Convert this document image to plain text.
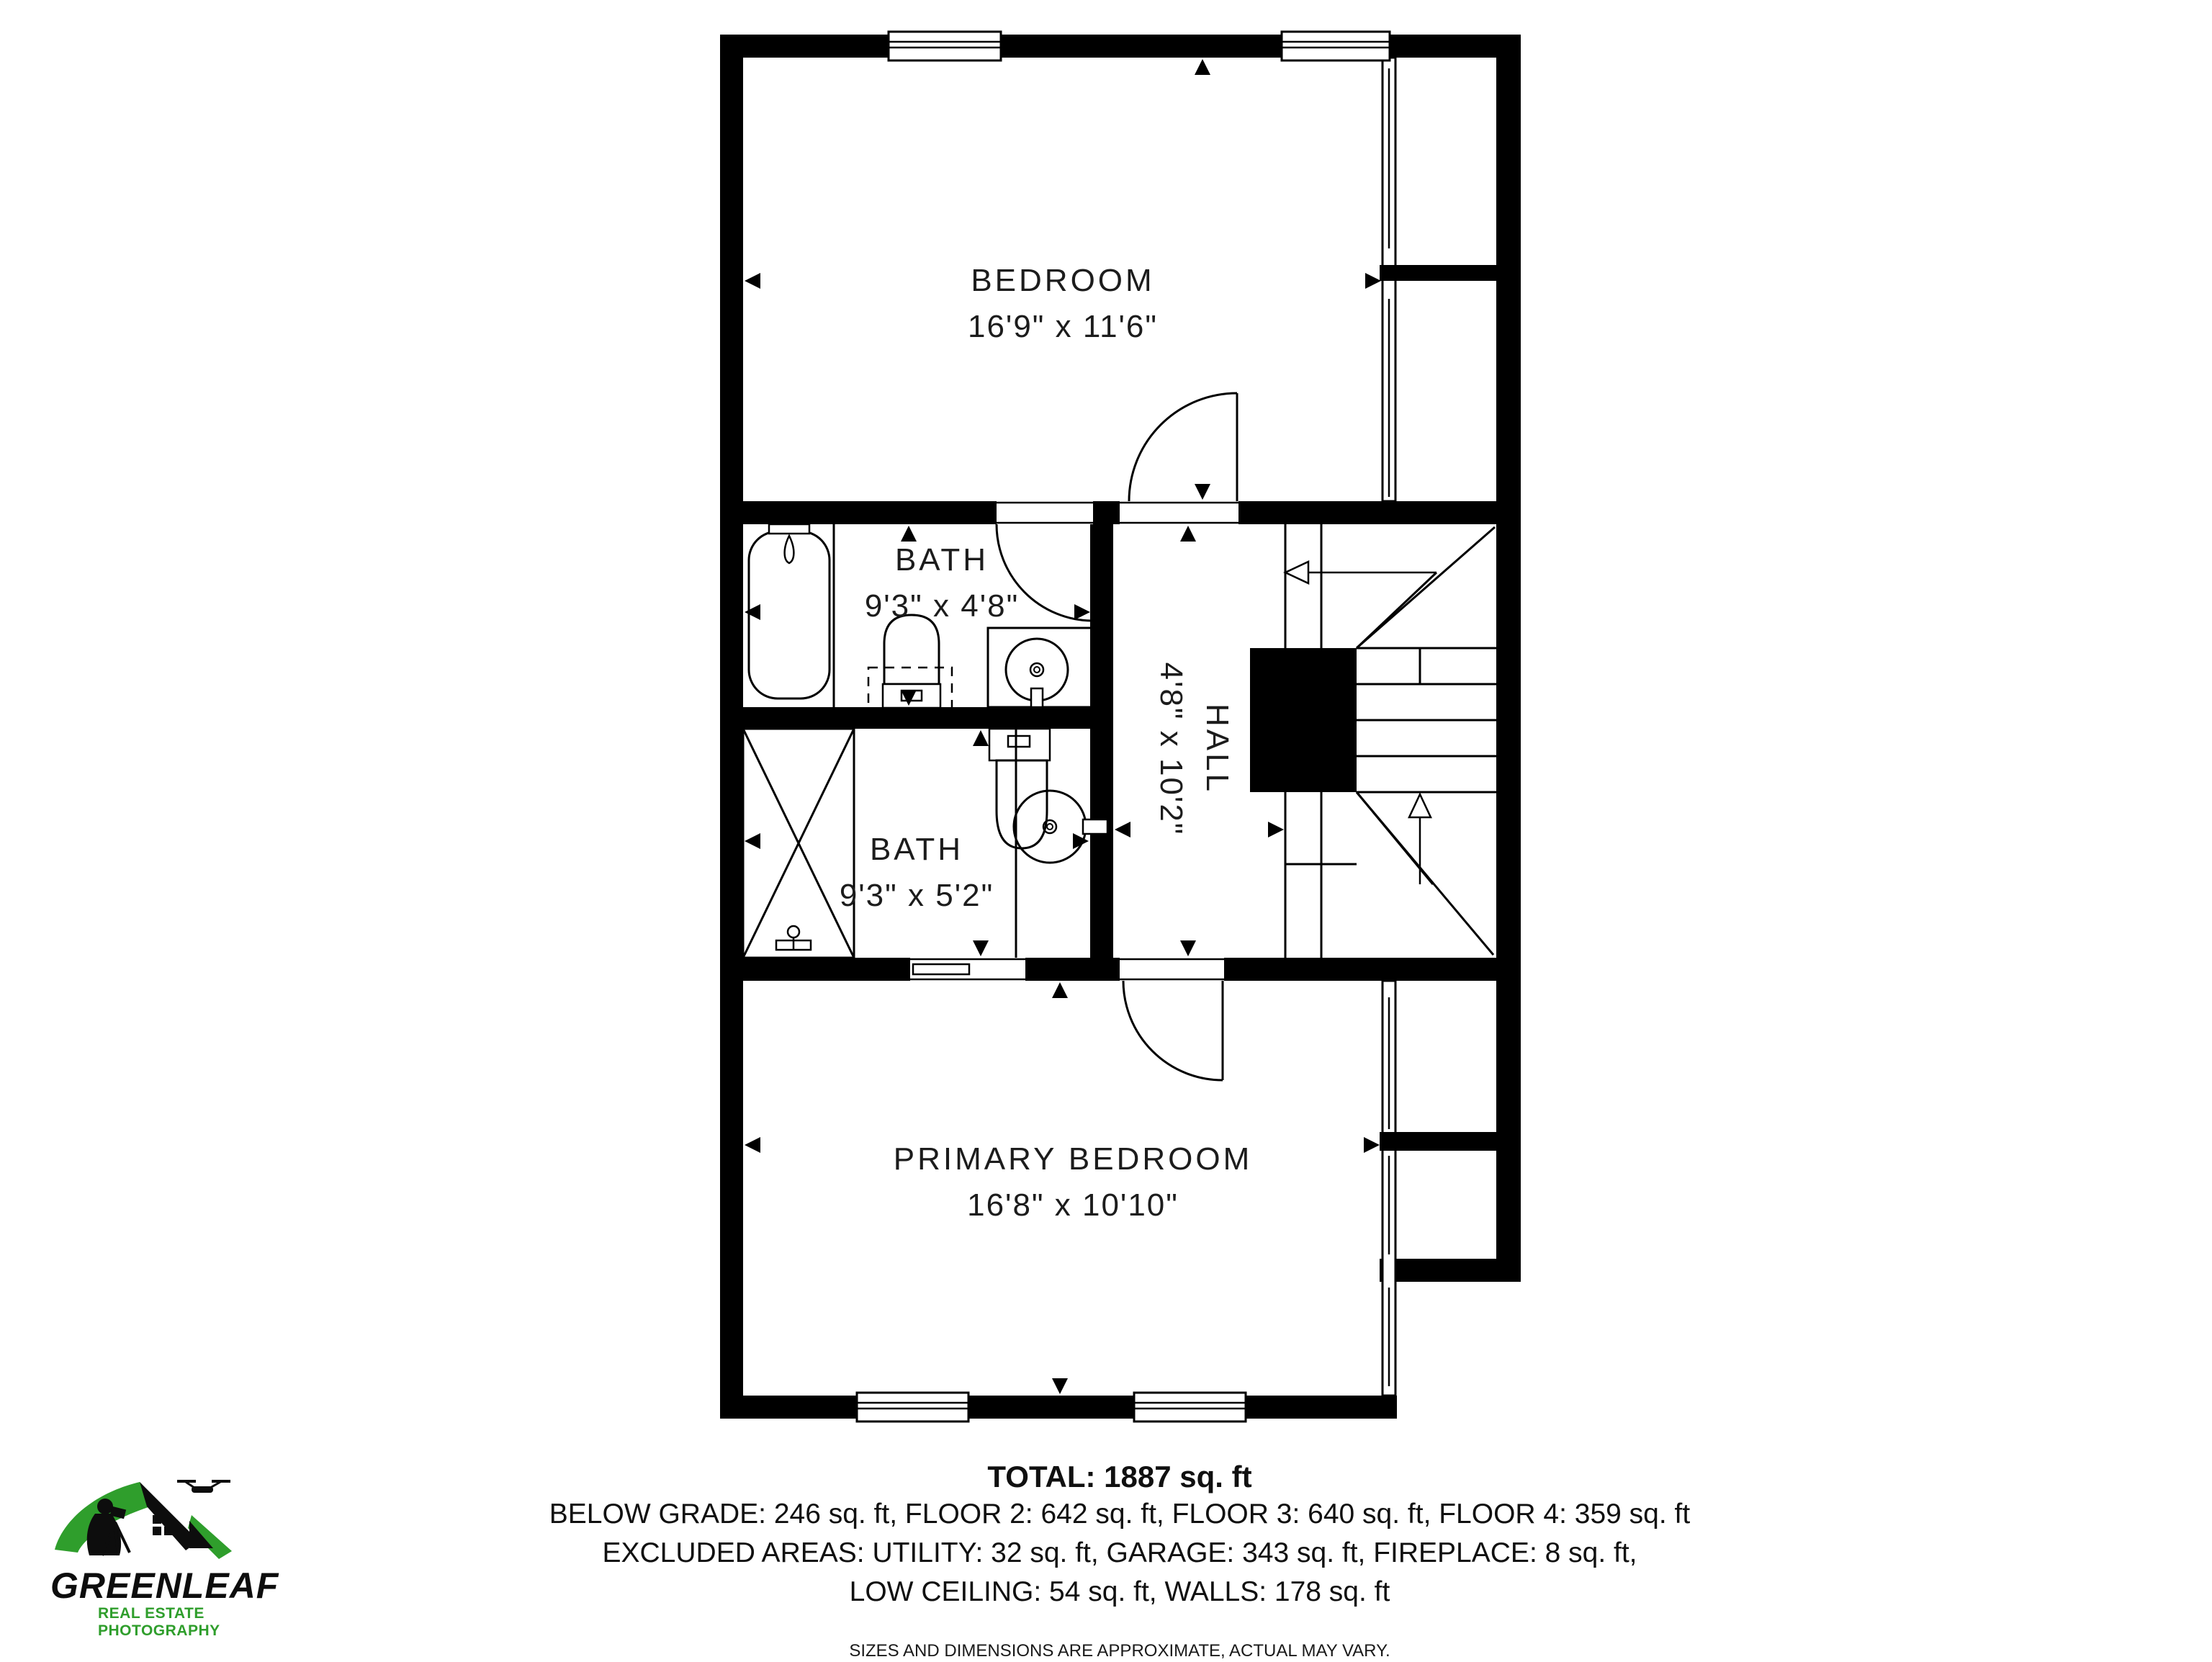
BEDROOM
16'9" x 11'6"
BATH
9'3" x 4'8"
HALL
4'8" x 10'2"
BATH
9'3" x 5'2"
PRIMARY BEDROOM
16'8" x 10'10"
TOTAL: 1887 sq. ft
BELOW GRADE: 246 sq. ft, FLOOR 2: 642 sq. ft, FLOOR 3: 640 sq. ft, FLOOR 4: 359 sq. ft
EXCLUDED AREAS: UTILITY: 32 sq. ft, GARAGE: 343 sq. ft, FIREPLACE: 8 sq. ft,
LOW CEILING: 54 sq. ft, WALLS: 178 sq. ft
SIZES AND DIMENSIONS ARE APPROXIMATE, ACTUAL MAY VARY.
GREENLEAF
REAL ESTATE PHOTOGRAPHY
